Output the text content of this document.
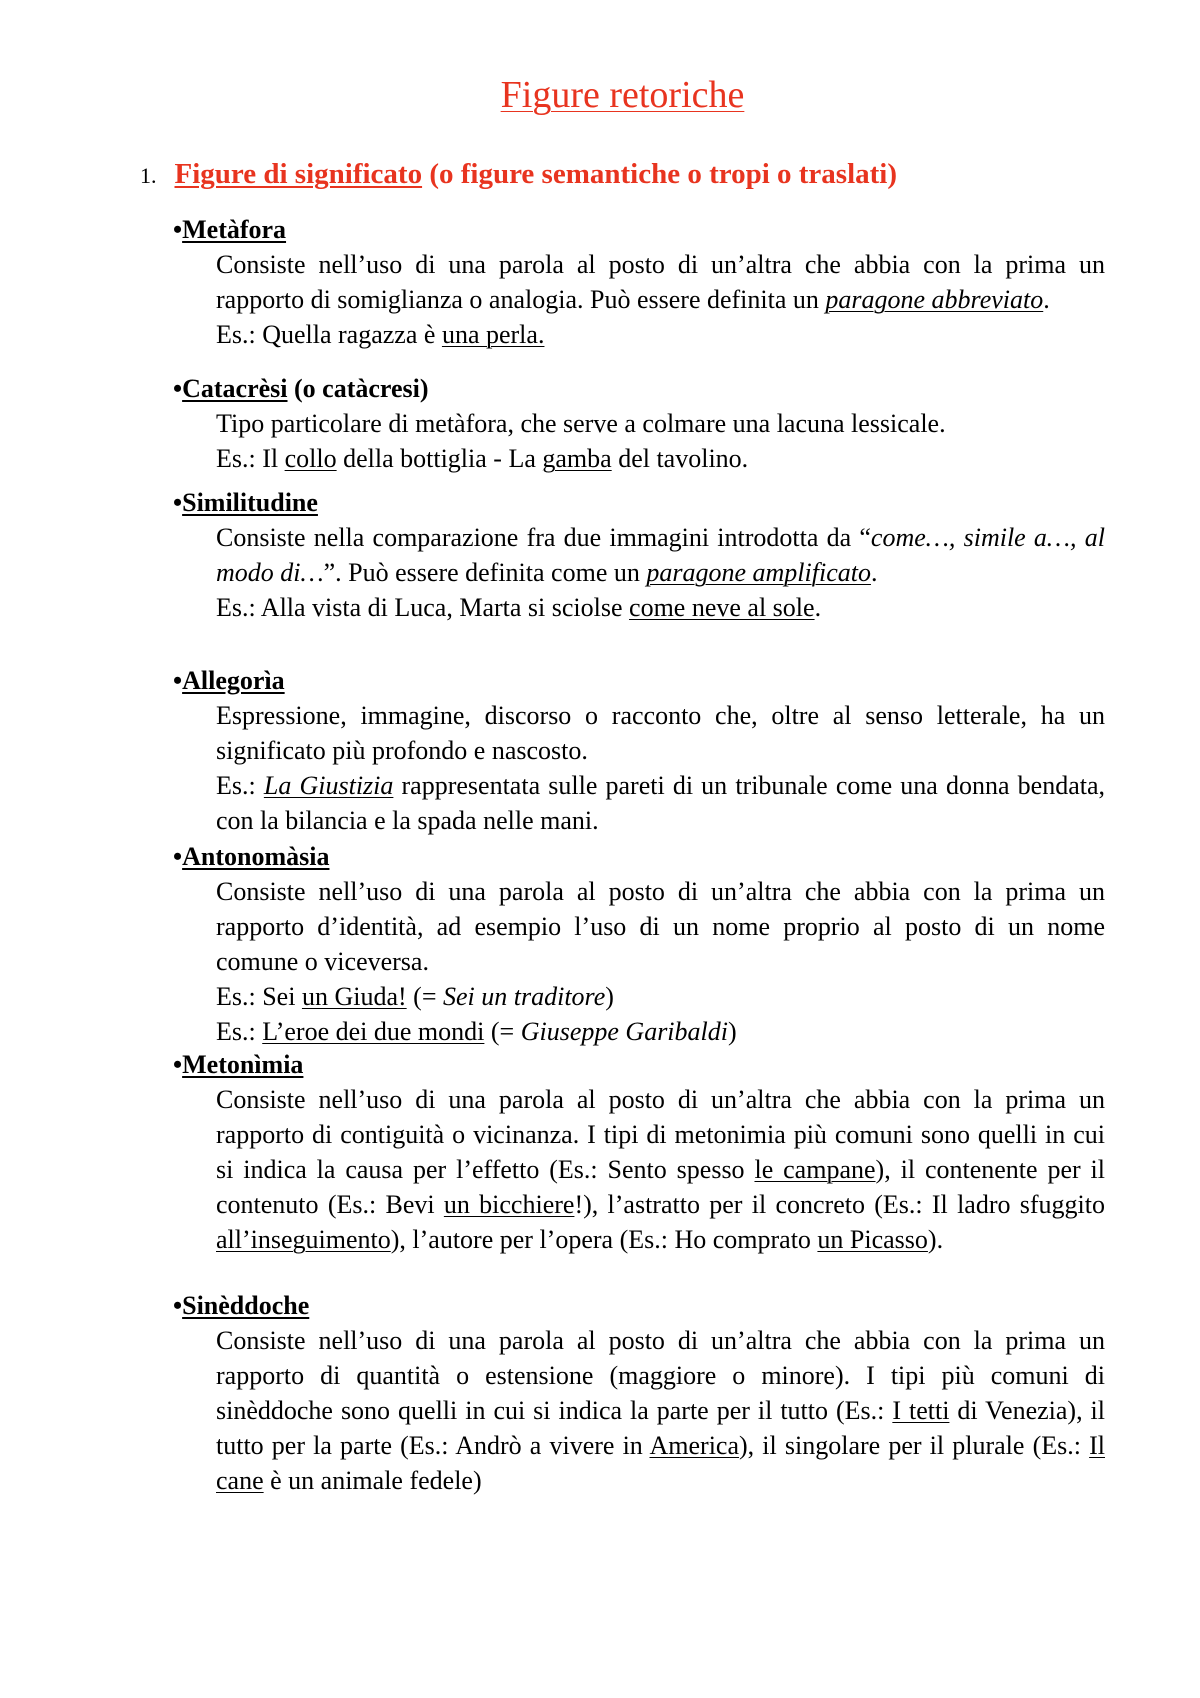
Figure retoriche
1. Figure di significato (o figure semantiche o tropi o traslati)
•Metàfora
Consiste nell’uso di una parola al posto di un’altra che abbia con la prima un rapporto di somiglianza o analogia. Può essere definita un paragone abbreviato.
Es.: Quella ragazza è una perla.
•Catacrèsi (o catàcresi)
Tipo particolare di metàfora, che serve a colmare una lacuna lessicale.
Es.: Il collo della bottiglia - La gamba del tavolino.
•Similitudine
Consiste nella comparazione fra due immagini introdotta da “come…, simile a…, al modo di…”. Può essere definita come un paragone amplificato.
Es.: Alla vista di Luca, Marta si sciolse come neve al sole.
•Allegorìa
Espressione, immagine, discorso o racconto che, oltre al senso letterale, ha un significato più profondo e nascosto.
Es.: La Giustizia rappresentata sulle pareti di un tribunale come una donna bendata, con la bilancia e la spada nelle mani.
•Antonomàsia
Consiste nell’uso di una parola al posto di un’altra che abbia con la prima un rapporto d’identità, ad esempio l’uso di un nome proprio al posto di un nome comune o viceversa.
Es.: Sei un Giuda! (= Sei un traditore)
Es.: L’eroe dei due mondi (= Giuseppe Garibaldi)
•Metonìmia
Consiste nell’uso di una parola al posto di un’altra che abbia con la prima un rapporto di contiguità o vicinanza. I tipi di metonimia più comuni sono quelli in cui si indica la causa per l’effetto (Es.: Sento spesso le campane), il contenente per il contenuto (Es.: Bevi un bicchiere!), l’astratto per il concreto (Es.: Il ladro sfuggito all’inseguimento), l’autore per l’opera (Es.: Ho comprato un Picasso).
•Sinèddoche
Consiste nell’uso di una parola al posto di un’altra che abbia con la prima un rapporto di quantità o estensione (maggiore o minore). I tipi più comuni di sinèddoche sono quelli in cui si indica la parte per il tutto (Es.: I tetti di Venezia), il tutto per la parte (Es.: Andrò a vivere in America), il singolare per il plurale (Es.: Il cane è un animale fedele)
